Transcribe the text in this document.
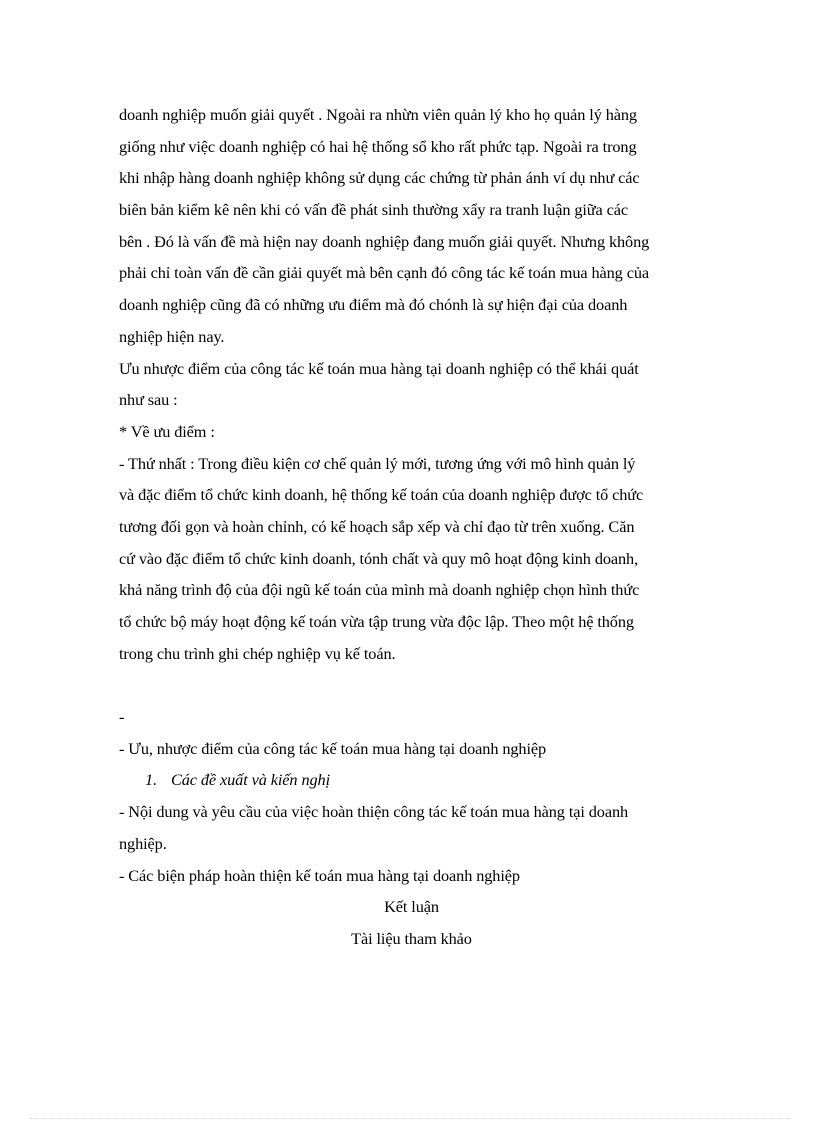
doanh nghiệp muốn giải quyết . Ngoài ra nhừn viên quản lý kho họ quản lý hàng
giống như việc doanh nghiệp có hai hệ thống sổ kho rất phức tạp. Ngoài ra trong
khi nhập hàng doanh nghiệp không sử dụng các chứng từ phản ánh ví dụ như các
biên bản kiểm kê nên khi có vấn đề phát sinh thường xẩy ra tranh luận giữa các
bên . Đó là vấn đề mà hiện nay doanh nghiệp đang muốn giải quyết. Nhưng không
phải chỉ toàn vấn đề cần giải quyết mà bên cạnh đó công tác kế toán mua hàng của
doanh nghiệp cũng đã có những ưu điểm mà đó chónh là sự hiện đại của doanh
nghiệp hiện nay.
Ưu nhược điểm của công tác kế toán mua hàng tại doanh nghiệp có thể khái quát
như sau :
* Về ưu điểm :
- Thứ nhất : Trong điều kiện cơ chế quản lý mới, tương ứng với mô hình quản lý
và đặc điểm tổ chức kinh doanh, hệ thống kế toán của doanh nghiệp được tổ chức
tương đối gọn và hoàn chỉnh, có kế hoạch sắp xếp và chỉ đạo từ trên xuống. Căn
cứ vào đặc điểm tổ chức kinh doanh, tónh chất và quy mô hoạt động kinh doanh,
khả năng trình độ của đội ngũ kế toán của mình mà doanh nghiệp chọn hình thức
tổ chức bộ máy hoạt động kế toán vừa tập trung vừa độc lập. Theo một hệ thống
trong chu trình ghi chép nghiệp vụ kế toán.
-
- Ưu, nhược điểm của công tác kế toán mua hàng tại doanh nghiệp
1. Các đề xuất và kiến nghị
- Nội dung và yêu cầu của việc hoàn thiện công tác kế toán mua hàng tại doanh
nghiệp.
- Các biện pháp hoàn thiện kế toán mua hàng tại doanh nghiệp
Kết luận
Tài liệu tham khảo
